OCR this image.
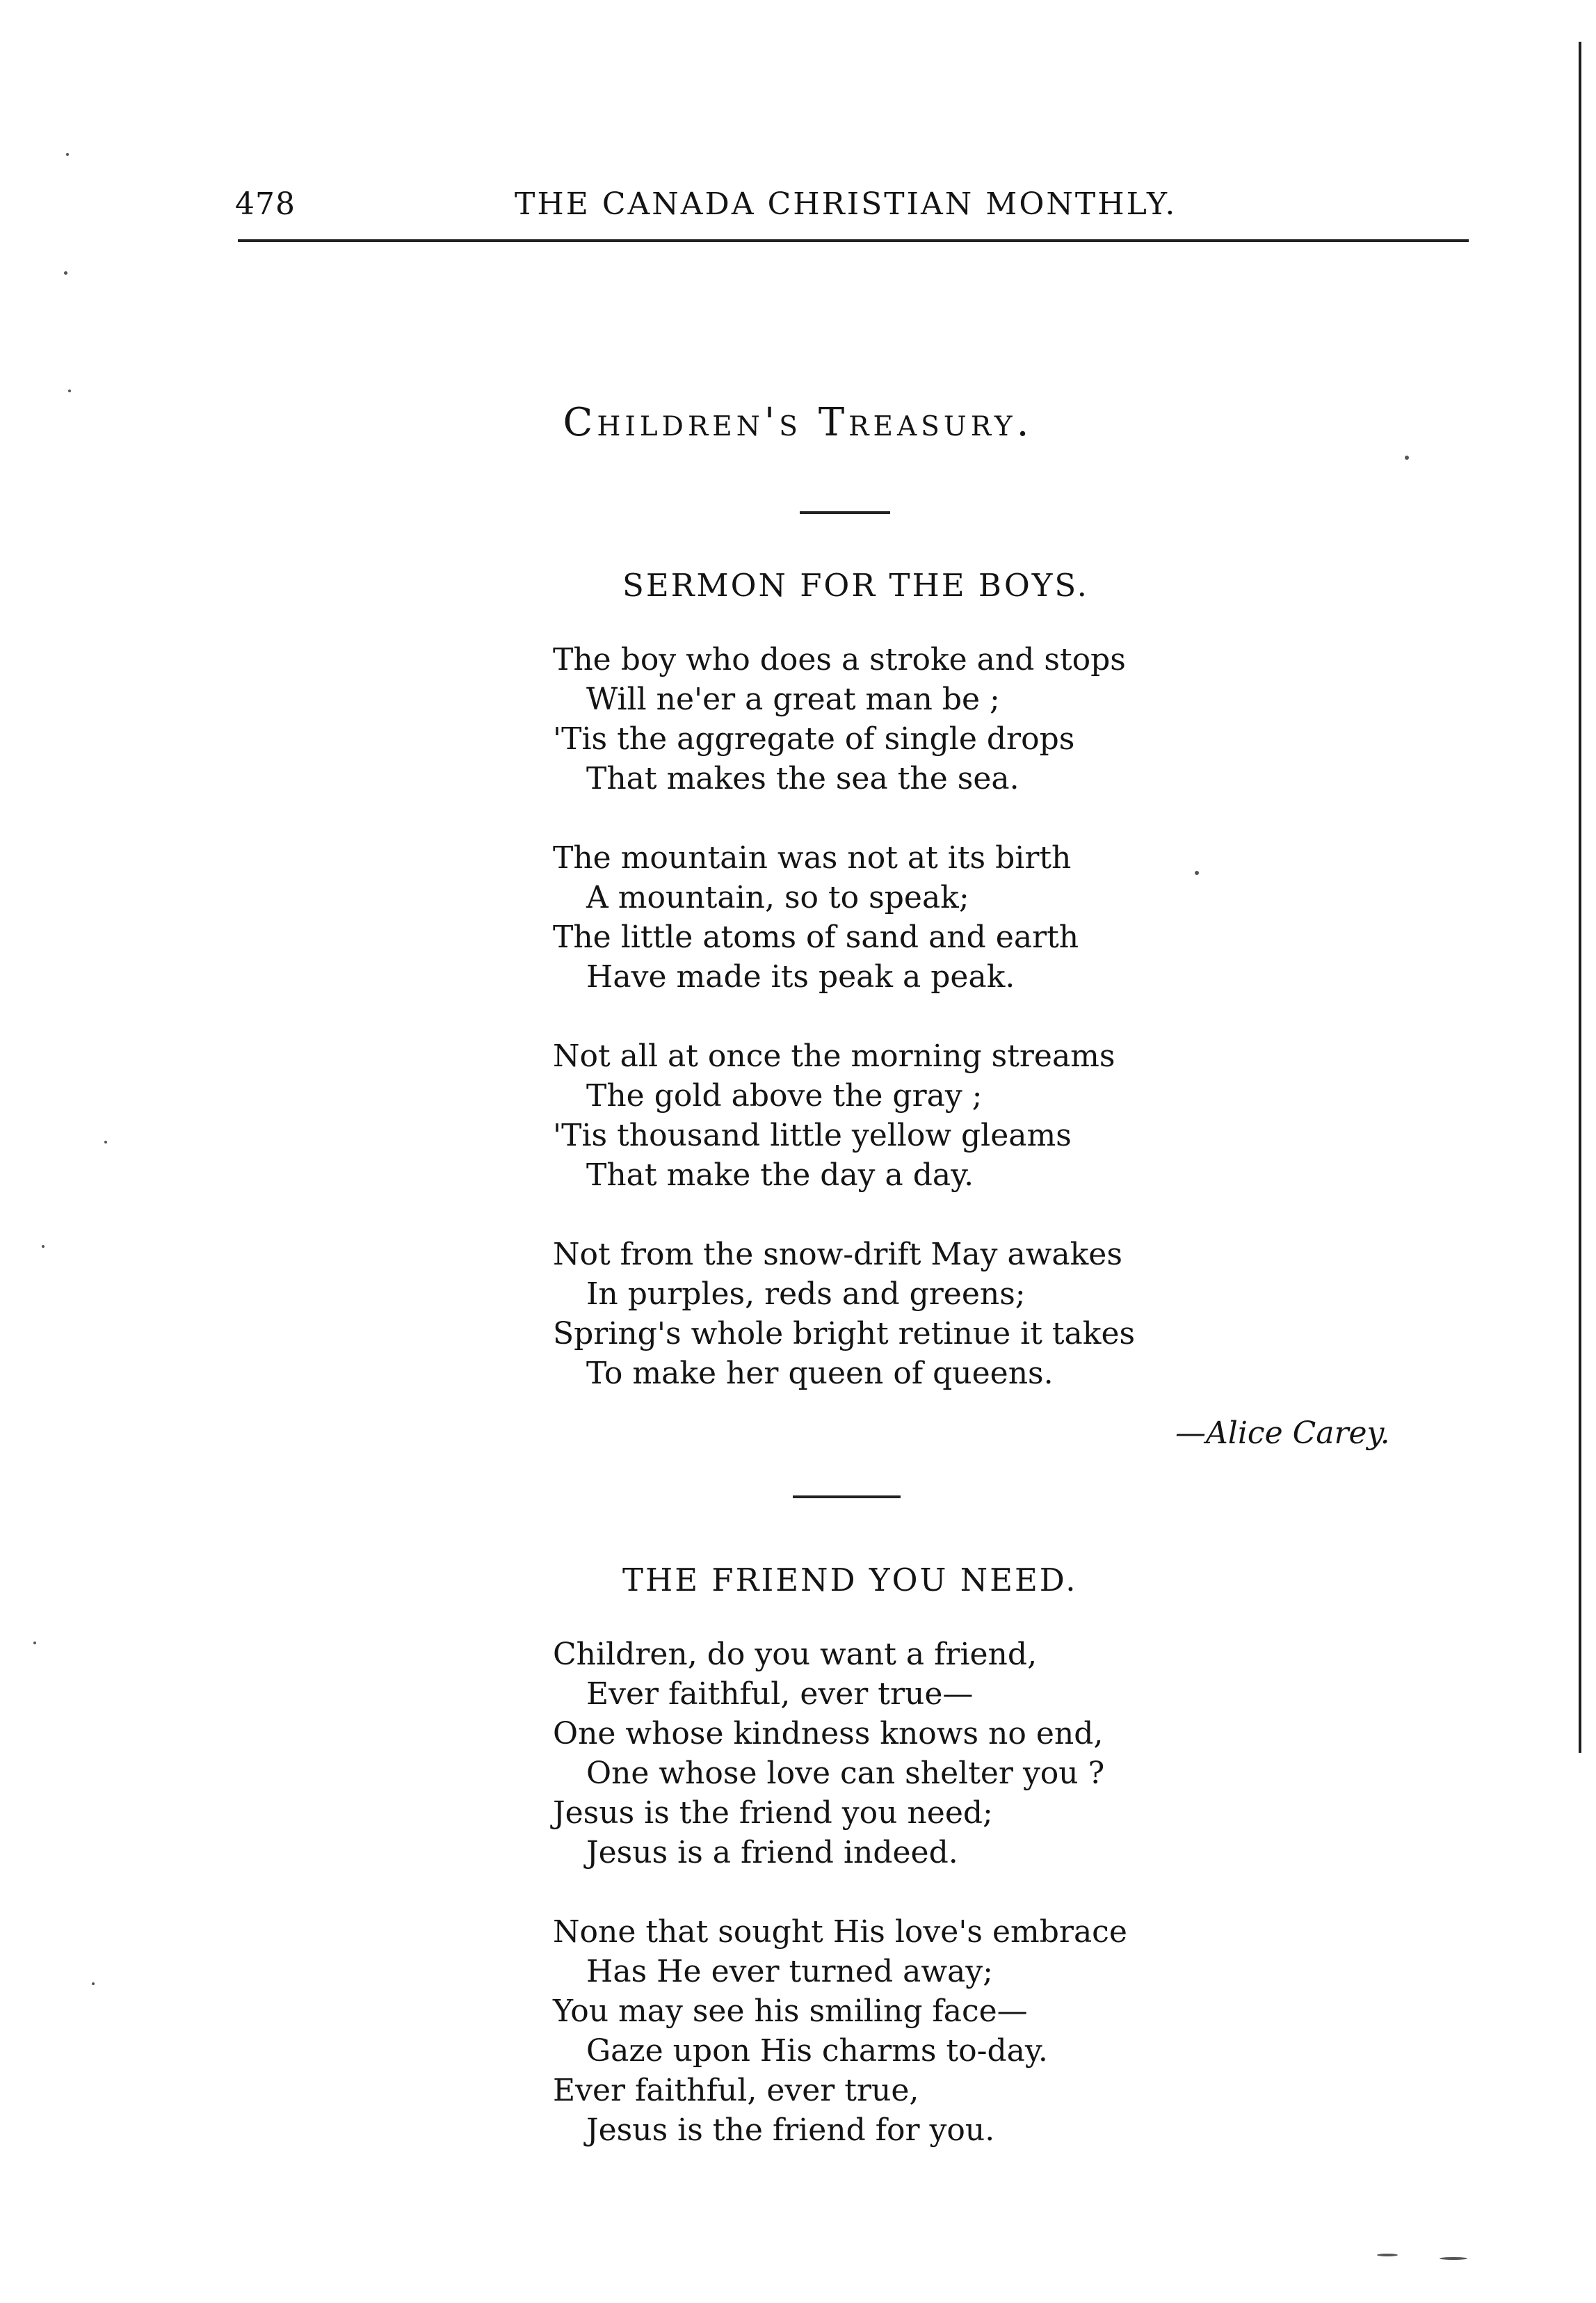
478	THE CANADA CHRISTIAN MONTHLY.
Children's Treasury.
SERMON FOR THE BOYS.
The boy who does a stroke and stops
Will ne'er a great man be ;
'Tis the aggregate of single drops
That makes the sea the sea.
The mountain was not at its birth
A mountain, so to speak;
The little atoms of sand and earth
Have made its peak a peak.
Not all at once the morning streams
The gold above the gray ;
'Tis thousand little yellow gleams
That make the day a day.
Not from the snow-drift May awakes
In purples, reds and greens;
Spring's whole bright retinue it takes
To make her queen of queens.
—Alice Carey.
THE FRIEND YOU NEED.
Children, do you want a friend,
Ever faithful, ever true—
One whose kindness knows no end,
One whose love can shelter you ?
Jesus is the friend you need;
Jesus is a friend indeed.
None that sought His love's embrace
Has He ever turned away;
You may see his smiling face—
Gaze upon His charms to-day.
Ever faithful, ever true,
Jesus is the friend for you.
